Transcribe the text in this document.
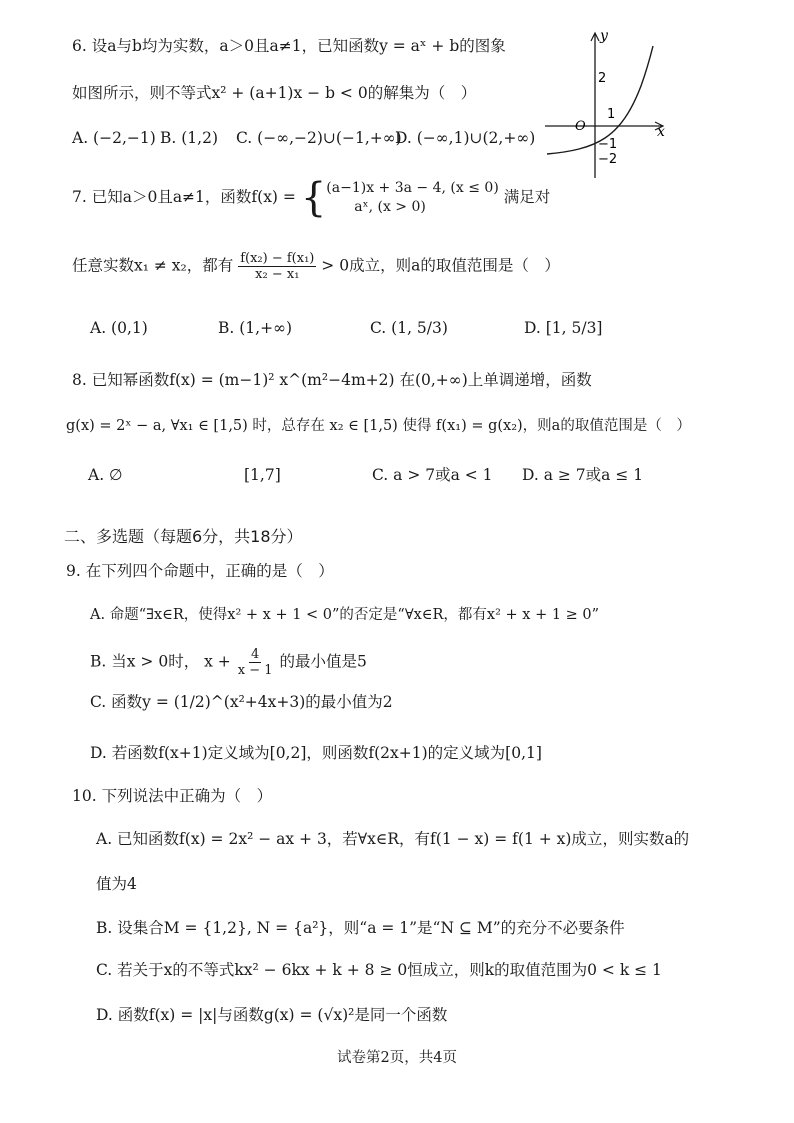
6. 设a与b均为实数，a＞0且a≠1，已知函数y = aˣ + b的图象
如图所示，则不等式x² + (a+1)x − b < 0的解集为（　）
A. (−2,−1) B. (1,2) C. (−∞,−2)∪(−1,+∞)
D. (−∞,1)∪(2,+∞)
y
x
O
2
1
−1
−2
7. 已知a＞0且a≠1，函数f(x) = { (a−1)x + 3a − 4, (x ≤ 0)
aˣ, (x > 0)
满足对
任意实数x₁ ≠ x₂，都有 $\frac{\text{f(x₂) − f(x₁)}}{\text{x₂ − x₁}} > 0$成立，则a的取值范围是（　）
A. (0,1)	B. (1,+∞)	C. (1, 5/3)	D. [1, 5/3]
8. 已知幂函数f(x) = (m−1)² x^(m²−4m+2) 在(0,+∞)上单调递增，函数
g(x) = 2ˣ − a, ∀x₁ ∈ [1,5) 时，总存在 x₂ ∈ [1,5) 使得 f(x₁) = g(x₂)，则a的取值范围是（　）
A. ∅	[1,7]	C. a > 7或a < 1 D. a ≥ 7或a ≤ 1
二、多选题（每题6分，共18分）
9. 在下列四个命题中，正确的是（　）
A. 命题“∃x∈R，使得x² + x + 1 < 0”的否定是“∀x∈R，都有x² + x + 1 ≥ 0”
B. 当x > 0时， $x + \frac{4}{x - 1}$ 的最小值是5
C. 函数y = (1/2)^(x²+4x+3)的最小值为2
D. 若函数f(x+1)定义域为[0,2]，则函数f(2x+1)的定义域为[0,1]
10. 下列说法中正确为（　）
A. 已知函数f(x) = 2x² − ax + 3，若∀x∈R，有f(1 − x) = f(1 + x)成立，则实数a的
值为4
B. 设集合M = {1,2}, N = {a²}，则“a = 1”是“N ⊆ M”的充分不必要条件
C. 若关于x的不等式kx² − 6kx + k + 8 ≥ 0恒成立，则k的取值范围为0 < k ≤ 1
D. 函数f(x) = |x|与函数g(x) = (√x)²是同一个函数
试卷第2页，共4页
